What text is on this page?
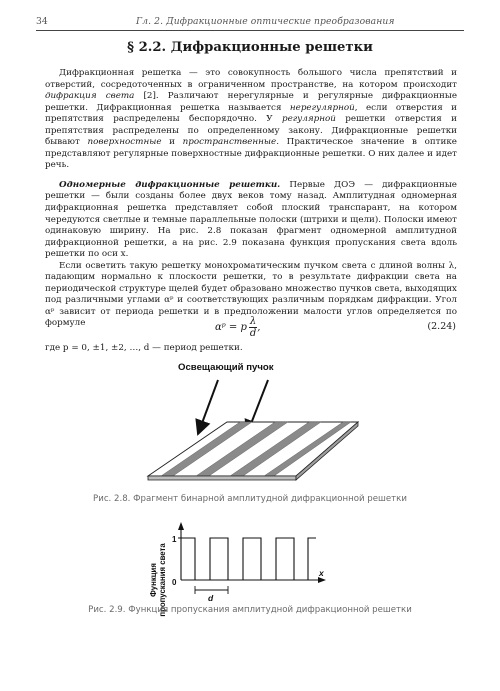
34	Гл. 2. Дифракционные оптические преобразования
§ 2.2. Дифракционные решетки

Дифракционная решетка — это совокупность большого числа препятствий и отверстий, сосредоточенных в ограниченном пространстве, на котором происходит дифракция света [2]. Различают нерегулярные и регулярные дифракционные решетки. Дифракционная решетка называется нерегулярной, если отверстия и препятствия распределены беспорядочно. У регулярной решетки отверстия и препятствия распределены по определенному закону. Дифракционные решетки бывают поверхностные и пространственные. Практическое значение в оптике представляют регулярные поверхностные дифракционные решетки. О них далее и идет речь.

Одномерные дифракционные решетки. Первые ДОЭ — дифракционные решетки — были созданы более двух веков тому назад. Амплитудная одномерная дифракционная решетка представляет собой плоский транспарант, на котором чередуются светлые и темные параллельные полоски (штрихи и щели). Полоски имеют одинаковую ширину. На рис. 2.8 показан фрагмент одномерной амплитудной дифракционной решетки, а на рис. 2.9 показана функция пропускания света вдоль решетки по оси x.

Если осветить такую решетку монохроматическим пучком света с длиной волны λ, падающим нормально к плоскости решетки, то в результате дифракции света на периодической структуре щелей будет образовано множество пучков света, выходящих под различными углами αᵖ и соответствующих различным порядкам дифракции. Угол αᵖ зависит от периода решетки и в предположении малости углов определяется по формуле	αᵖ = p $\frac{\lambda}{d}$ ,	(2.24)

где p = 0, ±1, ±2, …, d — период решетки.

Освещающий пучок
Рис. 2.8. Фрагмент бинарной амплитудной дифракционной решетки
Функция пропускания света
1
0
x
d
Рис. 2.9. Функция пропускания амплитудной дифракционной решетки
